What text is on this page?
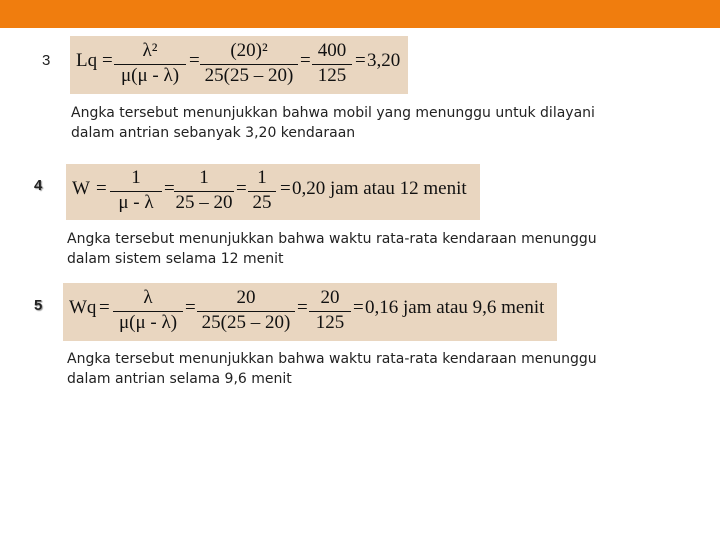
3 Lq =	λ²
μ(μ - λ)
=	(20)²
25(25 – 20)
= 400
125
= 3,20
Angka tersebut menunjukkan bahwa mobil yang menunggu untuk dilayani
dalam antrian sebanyak 3,20 kendaraan
4 W =
1
μ - λ
=
1
25 – 20
=
1
25
= 0,20 jam atau 12 menit
Angka tersebut menunjukkan bahwa waktu rata-rata kendaraan menunggu
dalam sistem selama 12 menit
5 Wq =	λ
μ(μ - λ)
=	20
25(25 – 20)
= 20
125
= 0,16 jam atau 9,6 menit
Angka tersebut menunjukkan bahwa waktu rata-rata kendaraan menunggu
dalam antrian selama 9,6 menit
